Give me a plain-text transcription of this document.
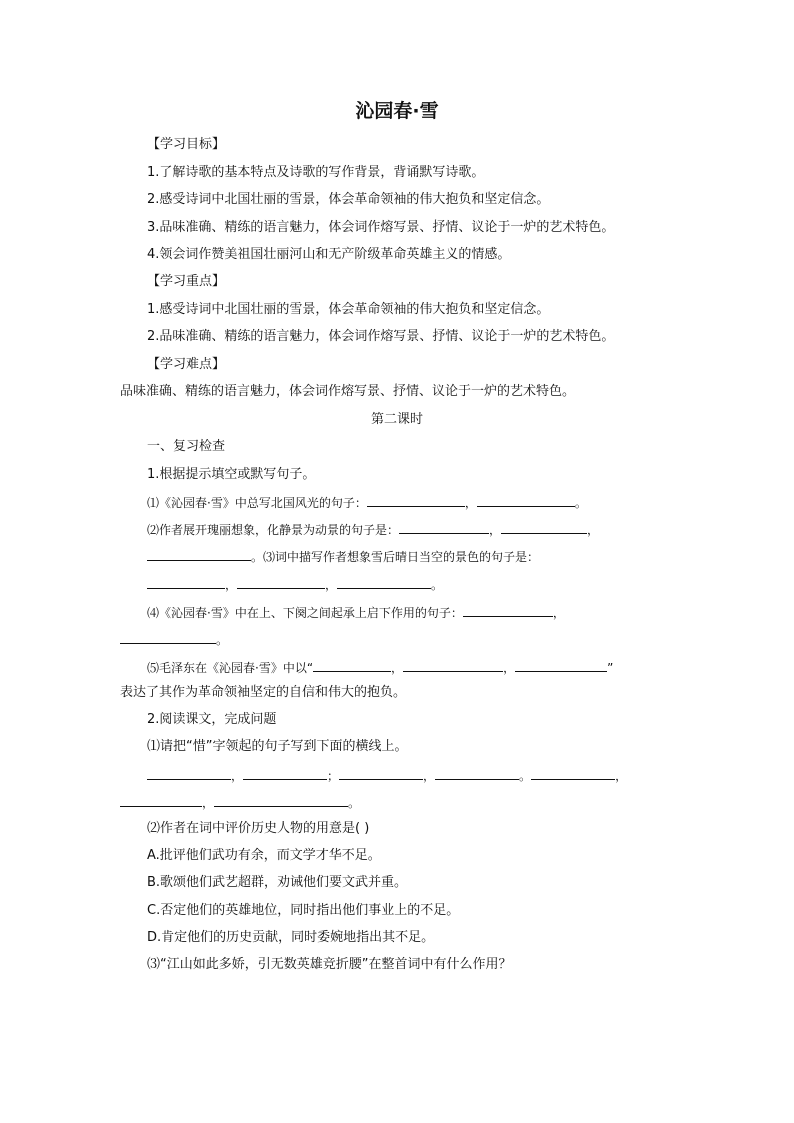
沁园春·雪
【学习目标】
1.了解诗歌的基本特点及诗歌的写作背景，背诵默写诗歌。
2.感受诗词中北国壮丽的雪景，体会革命领袖的伟大抱负和坚定信念。
3.品味准确、精练的语言魅力，体会词作熔写景、抒情、议论于一炉的艺术特色。
4.领会词作赞美祖国壮丽河山和无产阶级革命英雄主义的情感。
【学习重点】
1.感受诗词中北国壮丽的雪景，体会革命领袖的伟大抱负和坚定信念。
2.品味准确、精练的语言魅力，体会词作熔写景、抒情、议论于一炉的艺术特色。
【学习难点】
品味准确、精练的语言魅力，体会词作熔写景、抒情、议论于一炉的艺术特色。
第二课时
一、复习检查
1.根据提示填空或默写句子。
⑴《沁园春·雪》中总写北国风光的句子：	，	。
⑵作者展开瑰丽想象，化静景为动景的句子是：	，	，
。⑶词中描写作者想象雪后晴日当空的景色的句子是：
，	，	。
⑷《沁园春·雪》中在上、下阕之间起承上启下作用的句子：	，
。
⑸毛泽东在《沁园春·雪》中以“	，	，	”
表达了其作为革命领袖坚定的自信和伟大的抱负。
2.阅读课文，完成问题
⑴请把“惜”字领起的句子写到下面的横线上。
，	；	，	。	，
，	。
⑵作者在词中评价历史人物的用意是( )
A.批评他们武功有余，而文学才华不足。
B.歌颂他们武艺超群，劝诫他们要文武并重。
C.否定他们的英雄地位，同时指出他们事业上的不足。
D.肯定他们的历史贡献，同时委婉地指出其不足。
⑶“江山如此多娇，引无数英雄竞折腰”在整首词中有什么作用？
